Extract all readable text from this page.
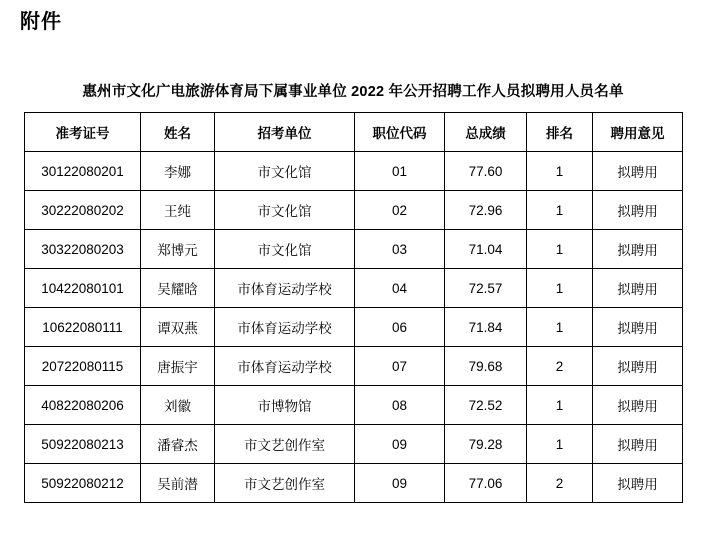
附件
惠州市文化广电旅游体育局下属事业单位 2022 年公开招聘工作人员拟聘用人员名单
准考证号	姓名	招考单位	职位代码	总成绩	排名	聘用意见
30122080201	李娜	市文化馆	01	77.60	1	拟聘用
30222080202	王纯	市文化馆	02	72.96	1	拟聘用
30322080203	郑博元	市文化馆	03	71.04	1	拟聘用
10422080101	吴耀晗	市体育运动学校	04	72.57	1	拟聘用
10622080111	谭双燕	市体育运动学校	06	71.84	1	拟聘用
20722080115	唐振宇	市体育运动学校	07	79.68	2	拟聘用
40822080206	刘徽	市博物馆	08	72.52	1	拟聘用
50922080213	潘睿杰	市文艺创作室	09	79.28	1	拟聘用
50922080212	吴前潜	市文艺创作室	09	77.06	2	拟聘用
